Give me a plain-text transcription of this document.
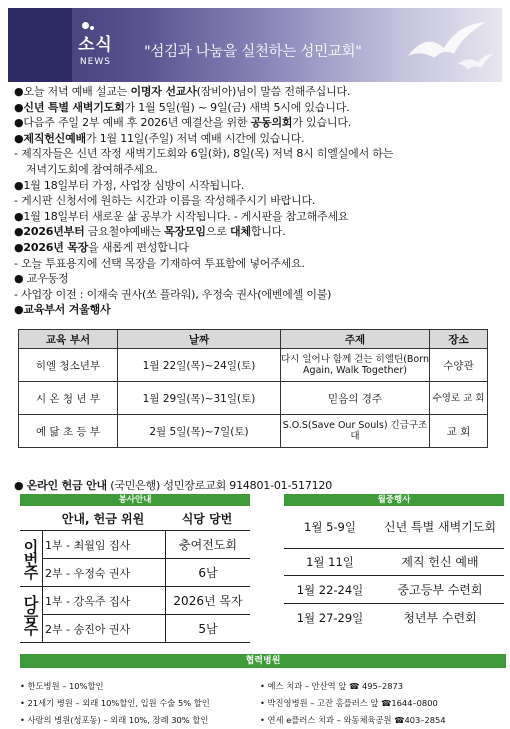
소식
NEWS
"섬김과 나눔을 실천하는 성민교회"
●오늘 저녁 예배 설교는 이명자 선교사(잠비아)님이 말씀 전해주십니다.
●신년 특별 새벽기도회가 1월 5일(월) ~ 9일(금) 새벽 5시에 있습니다.
●다음주 주일 2부 예배 후 2026년 예결산을 위한 공동의회가 있습니다.
●제직헌신예배가 1월 11일(주일) 저녁 예배 시간에 있습니다.
- 제직자들은 신년 작정 새벽기도회와 6일(화), 8일(목) 저녁 8시 히엘실에서 하는
저녁기도회에 참여해주세요.
●1월 18일부터 가정, 사업장 심방이 시작됩니다.
- 게시판 신청서에 원하는 시간과 이름을 작성해주시기 바랍니다.
●1월 18일부터 새로운 삶 공부가 시작됩니다. - 게시판을 참고해주세요
●2026년부터 금요철야예배는 목장모임으로 대체합니다.
●2026년 목장을 새롭게 편성합니다
- 오늘 투표용지에 선택 목장을 기재하여 투표함에 넣어주세요.
● 교우동정
- 사업장 이전 : 이재숙 권사(쏘 플라워), 우정숙 권사(에벤에셀 이불)
●교육부서 겨울행사
교육 부서	날짜	주제	장소
히엘 청소년부	1월 22일(목)~24일(토)	다시 일어나 함께 걷는 히엘틴(Born Again, Walk Together)	수양관
시 온 청 년 부	1월 29일(목)~31일(토)	믿음의 경주	수영로 교 회
예 닮 초 등 부	2월 5일(목)~7일(토)	S.O.S(Save Our Souls) 긴급구조대	교 회
● 온라인 헌금 안내 (국민은행) 성민장로교회 914801-01-517120
봉사안내
안내, 헌금 위원	식당 당번
이번주 1부 - 최월임 집사	충여전도회
2부 - 우정숙 권사	6남
다음주 1부 - 강옥주 집사	2026년 목자
2부 - 송진아 권사	5남
월중행사
1월 5-9일	신년 특별 새벽기도회
1월 11일	제직 헌신 예배
1월 22-24일	중고등부 수련회
1월 27-29일	청년부 수련회
협력병원
• 한도병원 – 10%할인
• 21세기 병원 – 외래 10%할인, 입원 수술 5% 할인
• 사랑의 병원(성포동) – 외래 10%, 장례 30% 할인
• 예스 치과 – 안산역 앞 ☎ 495–2873
• 박진영병원 – 고잔 홈플러스 앞 ☎1644–0800
• 연세 e플러스 치과 – 와동체육공원 ☎403–2854
